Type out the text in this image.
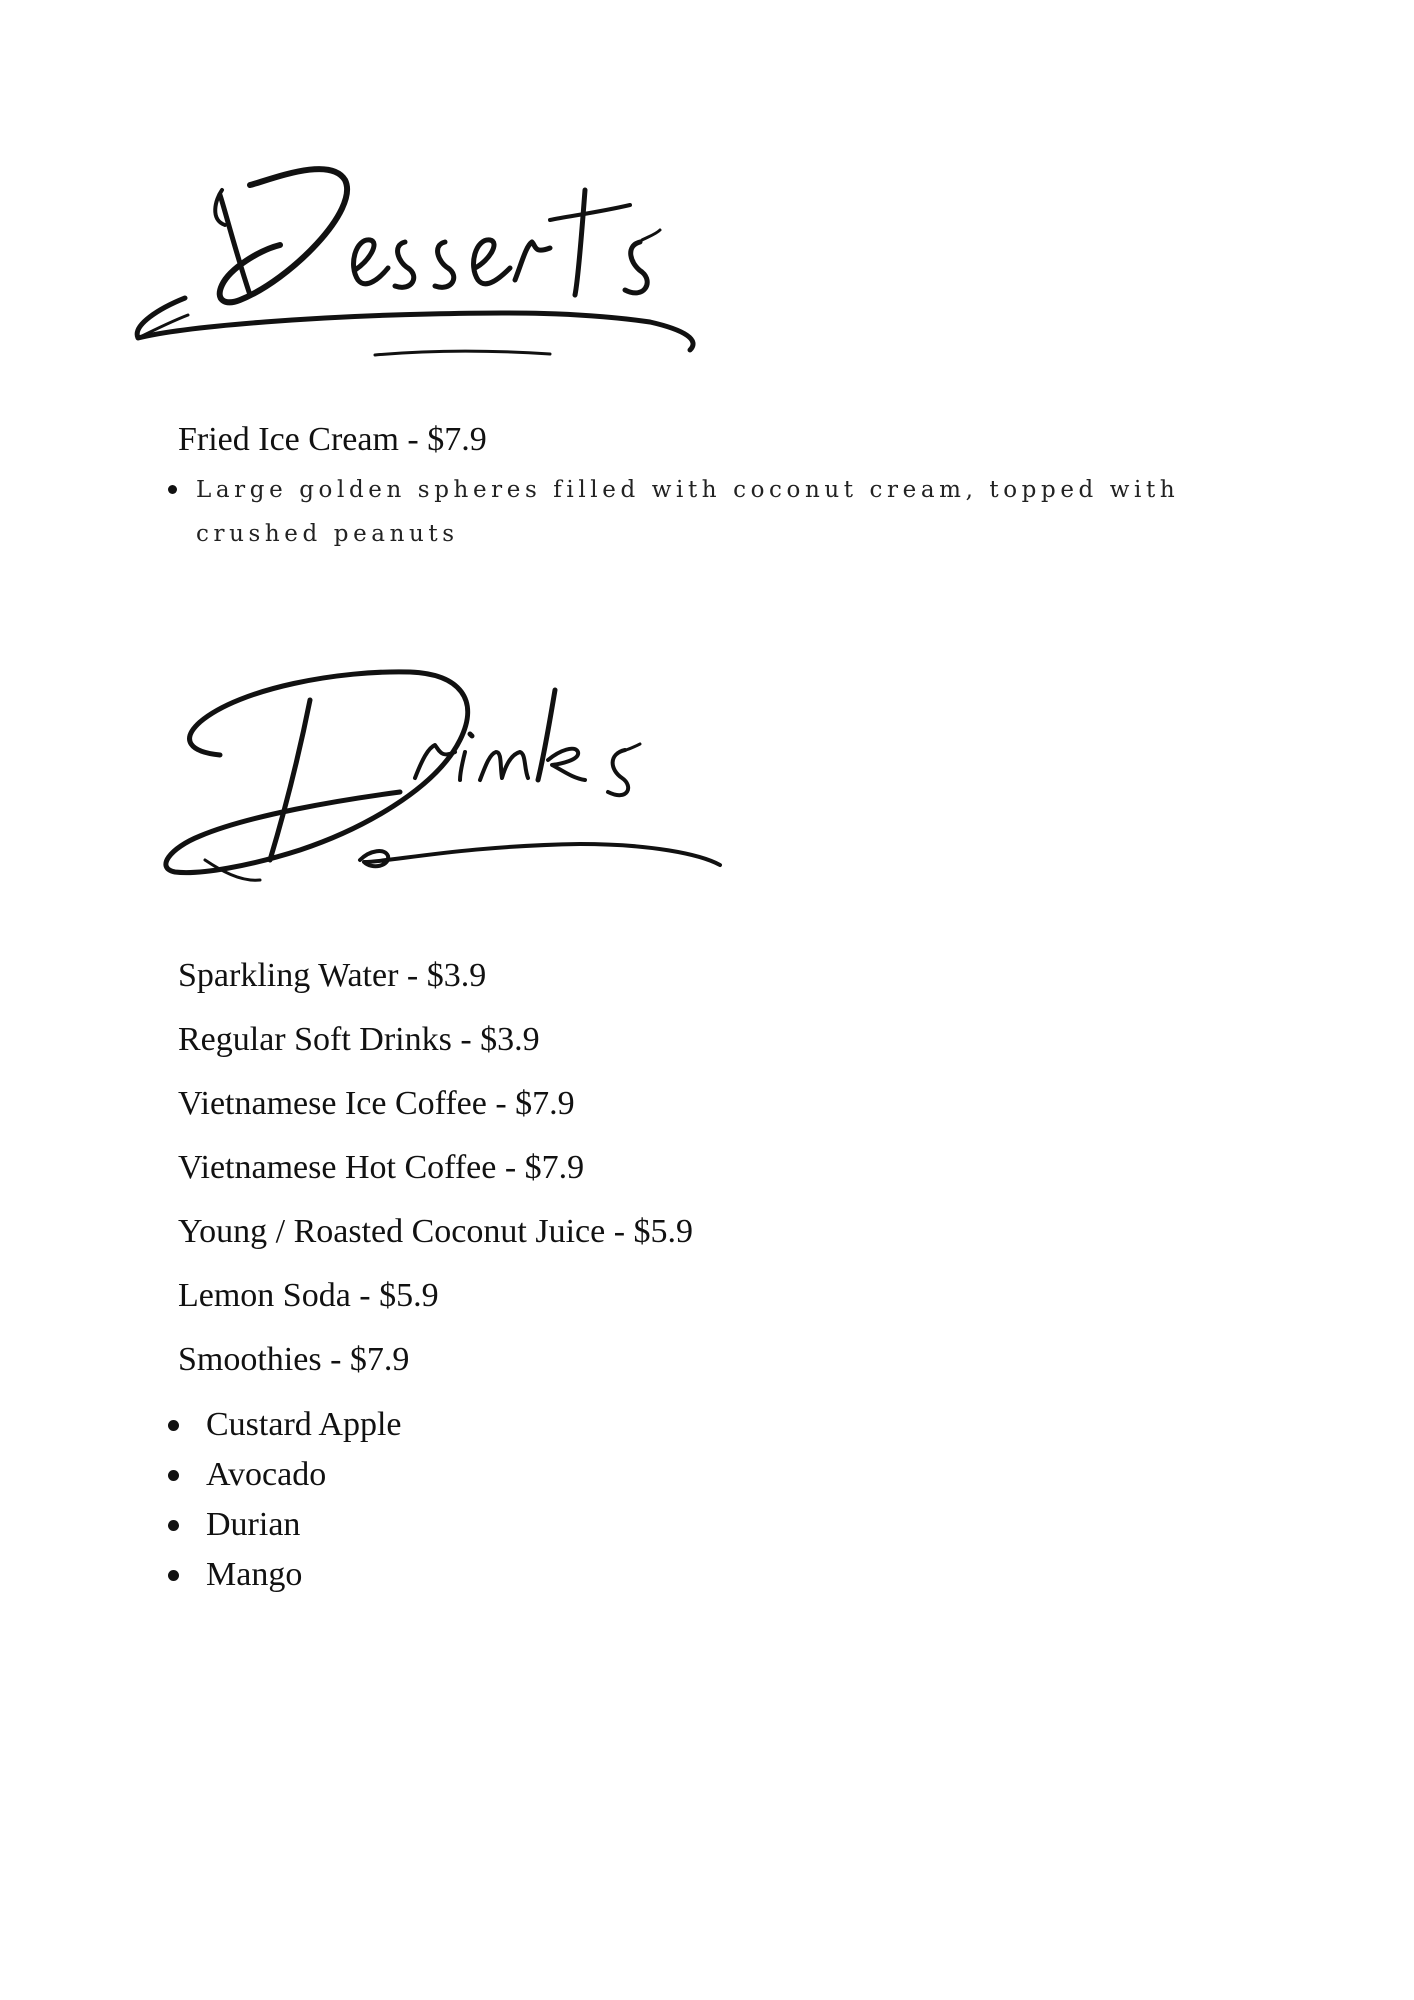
Fried Ice Cream - $7.9
Large golden spheres filled with coconut cream, topped with crushed peanuts
Sparkling Water - $3.9
Regular Soft Drinks - $3.9
Vietnamese Ice Coffee - $7.9
Vietnamese Hot Coffee - $7.9
Young / Roasted Coconut Juice - $5.9
Lemon Soda - $5.9
Smoothies - $7.9
Custard Apple
Avocado
Durian
Mango
